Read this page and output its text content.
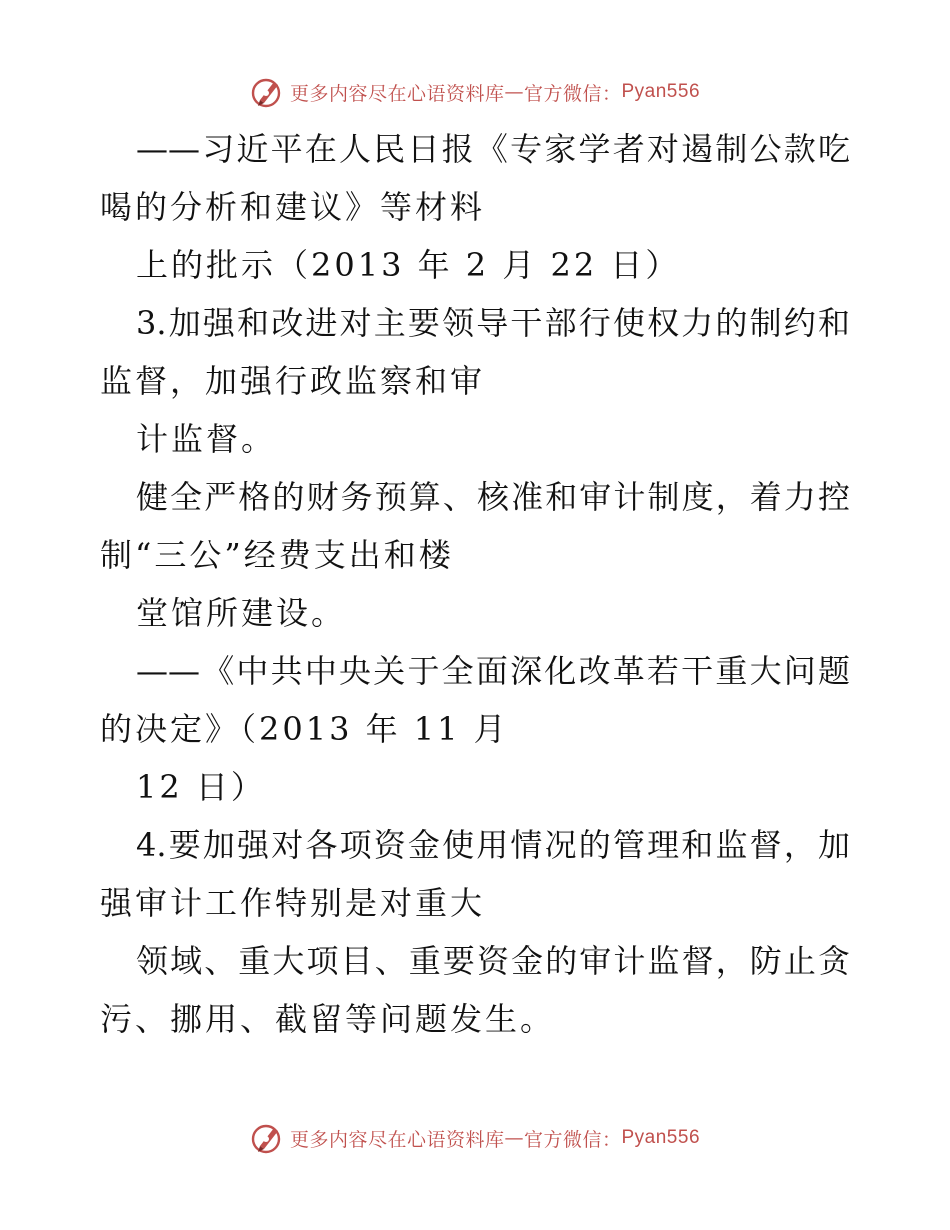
更多内容尽在心语资料库 — 官方微信： Pyan556
——习近平在人民日报《专家学者对遏制公款吃
喝的分析和建议》等材料
上的批示（2013 年 2 月 22 日）
3.加强和改进对主要领导干部行使权力的制约和
监督，加强行政监察和审
计监督。
健全严格的财务预算、核准和审计制度，着力控
制“三公”经费支出和楼
堂馆所建设。
——《中共中央关于全面深化改革若干重大问题
的决定》（2013 年 11 月
12 日）
4.要加强对各项资金使用情况的管理和监督，加
强审计工作特别是对重大
领域、重大项目、重要资金的审计监督，防止贪
污、挪用、截留等问题发生。
更多内容尽在心语资料库 — 官方微信： Pyan556
